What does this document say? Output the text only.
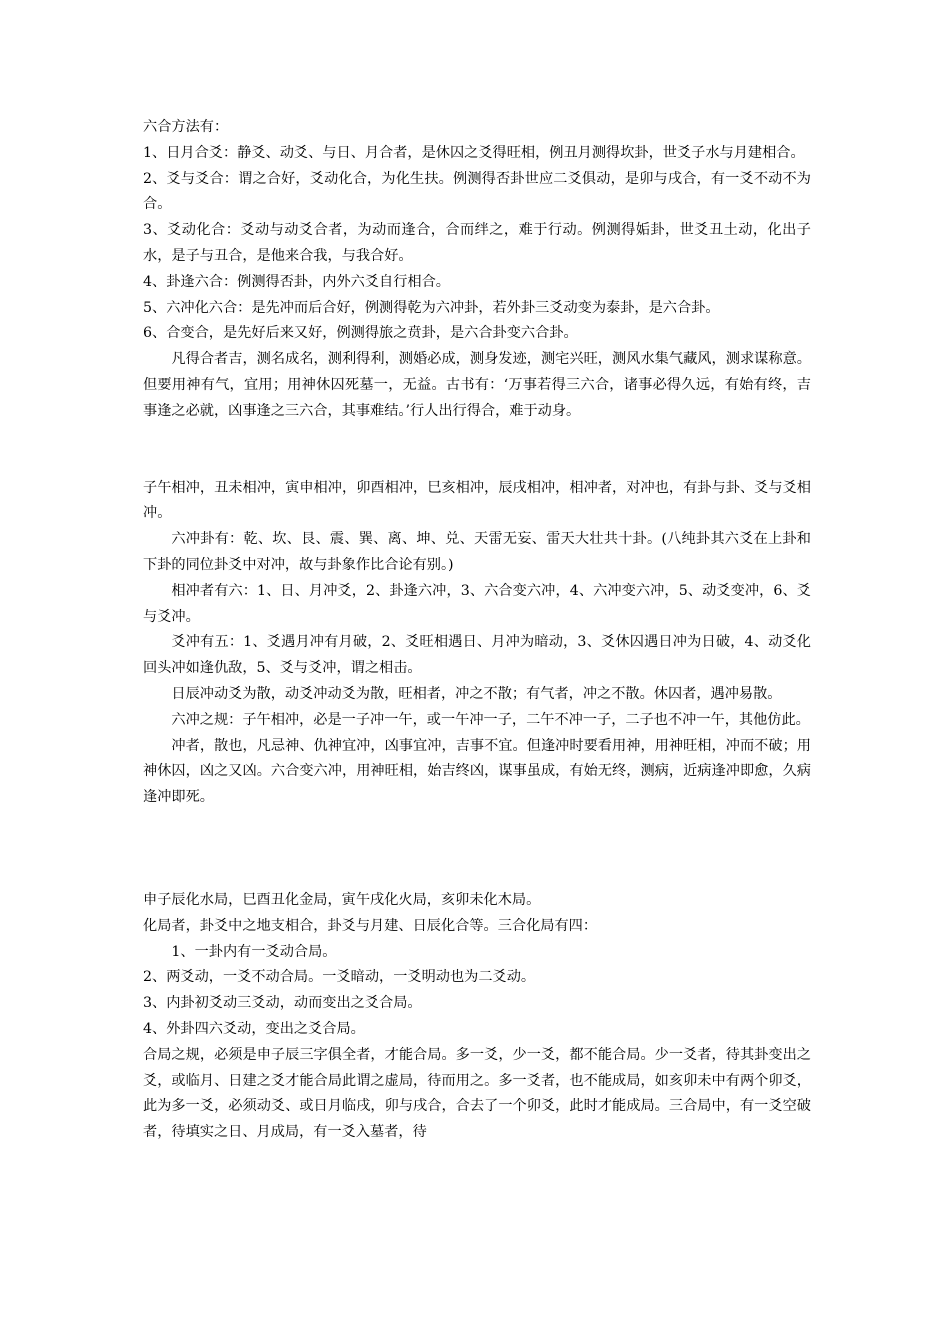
六合方法有：

1、日月合爻：静爻、动爻、与日、月合者，是休囚之爻得旺相，例丑月测得坎卦，世爻子水与月建相合。

2、爻与爻合：谓之合好，爻动化合，为化生扶。例测得否卦世应二爻俱动，是卯与戌合，有一爻不动不为合。

3、爻动化合：爻动与动爻合者，为动而逢合，合而绊之，难于行动。例测得姤卦，世爻丑土动，化出子水，是子与丑合，是他来合我，与我合好。

4、卦逢六合：例测得否卦，内外六爻自行相合。

5、六冲化六合：是先冲而后合好，例测得乾为六冲卦，若外卦三爻动变为泰卦，是六合卦。

6、合变合，是先好后来又好，例测得旅之贲卦，是六合卦变六合卦。

凡得合者吉，测名成名，测利得利，测婚必成，测身发迹，测宅兴旺，测风水集气藏风，测求谋称意。但要用神有气，宜用；用神休囚死墓一，无益。古书有：‘万事若得三六合，诸事必得久远，有始有终，吉事逢之必就，凶事逢之三六合，其事难结。’行人出行得合，难于动身。

子午相冲，丑未相冲，寅申相冲，卯酉相冲，巳亥相冲，辰戌相冲，相冲者，对冲也，有卦与卦、爻与爻相冲。

六冲卦有：乾、坎、艮、震、巽、离、坤、兑、天雷无妄、雷天大壮共十卦。(八纯卦其六爻在上卦和下卦的同位卦爻中对冲，故与卦象作比合论有别。)

相冲者有六：1、日、月冲爻，2、卦逢六冲，3、六合变六冲，4、六冲变六冲，5、动爻变冲，6、爻与爻冲。

爻冲有五：1、爻遇月冲有月破，2、爻旺相遇日、月冲为暗动，3、爻休囚遇日冲为日破，4、动爻化回头冲如逢仇敌，5、爻与爻冲，谓之相击。

日辰冲动爻为散，动爻冲动爻为散，旺相者，冲之不散；有气者，冲之不散。休囚者，遇冲易散。

六冲之规：子午相冲，必是一子冲一午，或一午冲一子，二午不冲一子，二子也不冲一午，其他仿此。

冲者，散也，凡忌神、仇神宜冲，凶事宜冲，吉事不宜。但逢冲时要看用神，用神旺相，冲而不破；用神休囚，凶之又凶。六合变六冲，用神旺相，始吉终凶，谋事虽成，有始无终，测病，近病逢冲即愈，久病逢冲即死。

申子辰化水局，巳酉丑化金局，寅午戌化火局，亥卯未化木局。

化局者，卦爻中之地支相合，卦爻与月建、日辰化合等。三合化局有四：

1、一卦内有一爻动合局。

2、两爻动，一爻不动合局。一爻暗动，一爻明动也为二爻动。

3、内卦初爻动三爻动，动而变出之爻合局。

4、外卦四六爻动，变出之爻合局。

合局之规，必须是申子辰三字俱全者，才能合局。多一爻，少一爻，都不能合局。少一爻者，待其卦变出之爻，或临月、日建之爻才能合局此谓之虚局，待而用之。多一爻者，也不能成局，如亥卯未中有两个卯爻，此为多一爻，必须动爻、或日月临戌，卯与戌合，合去了一个卯爻，此时才能成局。三合局中，有一爻空破者，待填实之日、月成局，有一爻入墓者，待
